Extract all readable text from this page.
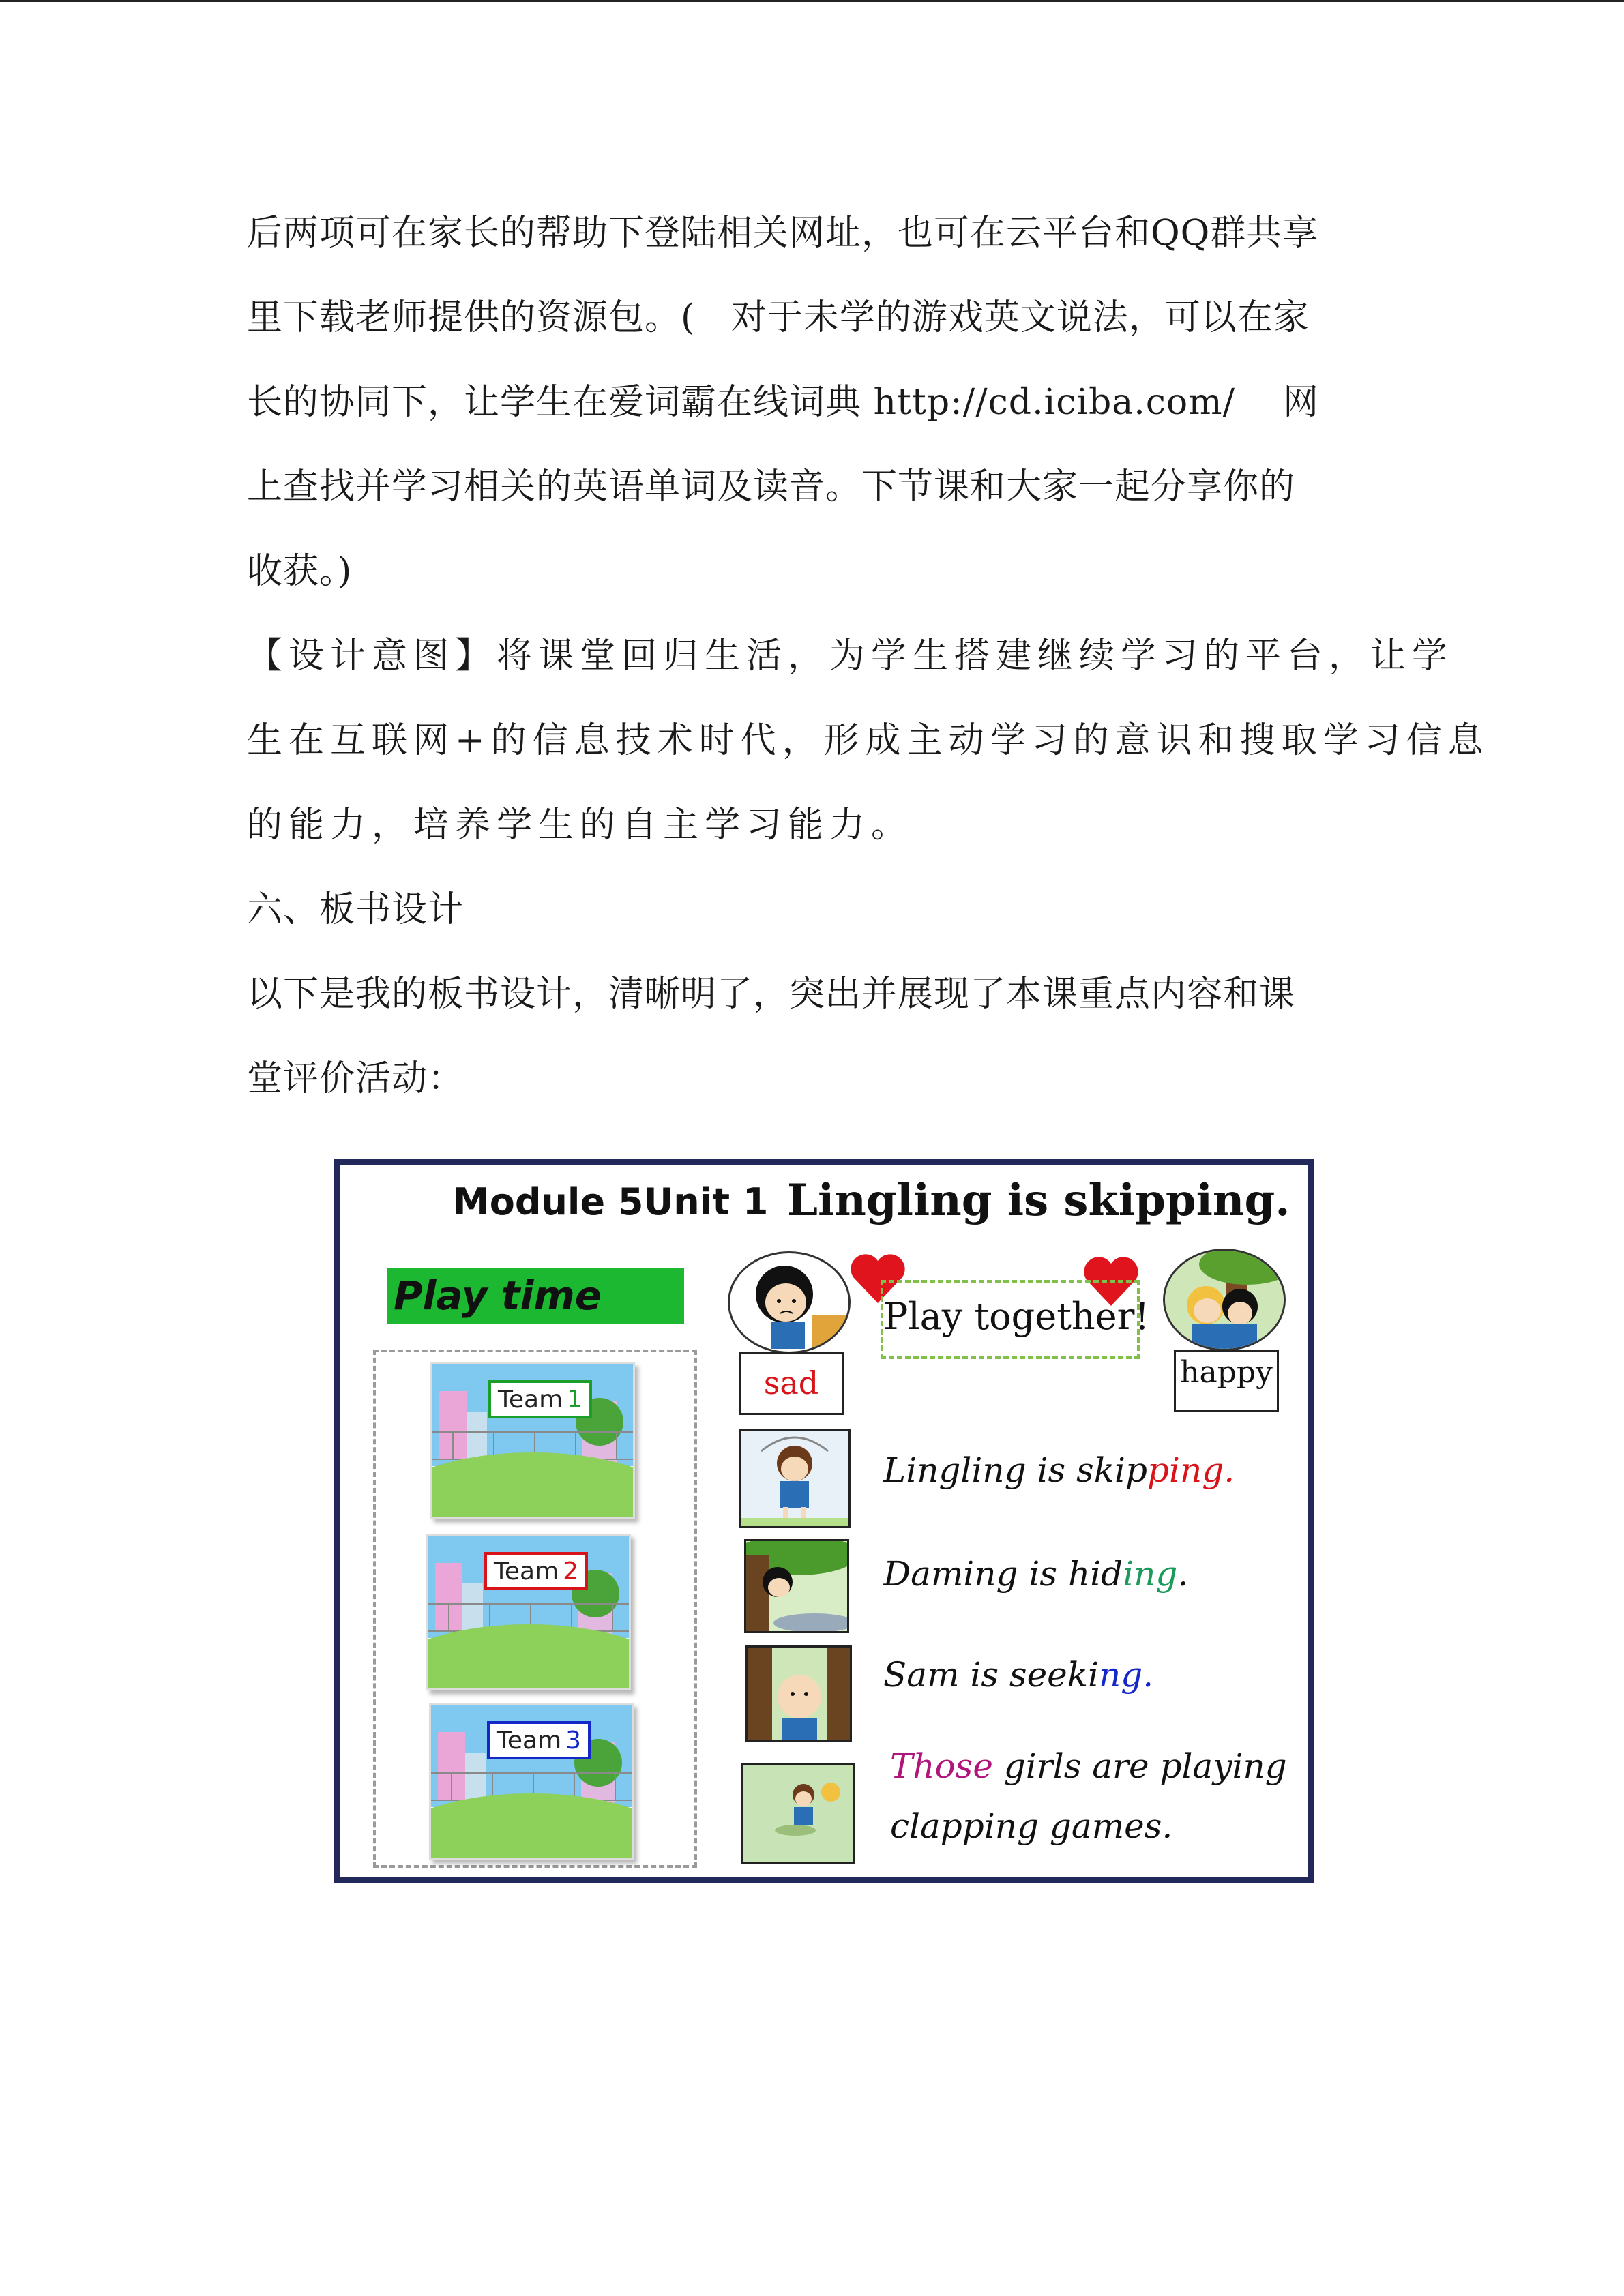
后两项可在家长的帮助下登陆相关网址，也可在云平台和QQ群共享
里下载老师提供的资源包。(   对于未学的游戏英文说法，可以在家
长的协同下，让学生在爱词霸在线词典 http://cd.iciba.com/    网
上查找并学习相关的英语单词及读音。下节课和大家一起分享你的
收获。)
【设计意图】将课堂回归生活，为学生搭建继续学习的平台，让学
生在互联网+的信息技术时代，形成主动学习的意识和搜取学习信息
的能力，培养学生的自主学习能力。
六、板书设计
以下是我的板书设计，清晰明了，突出并展现了本课重点内容和课
堂评价活动：
Module 5Unit 1 Lingling is skipping.
Play time
Team 1
Team 2
Team 3
sad
Play together!
happy
Lingling is skipping.
Daming is hiding.
Sam is seeking.
Those girls are playing
clapping games.
